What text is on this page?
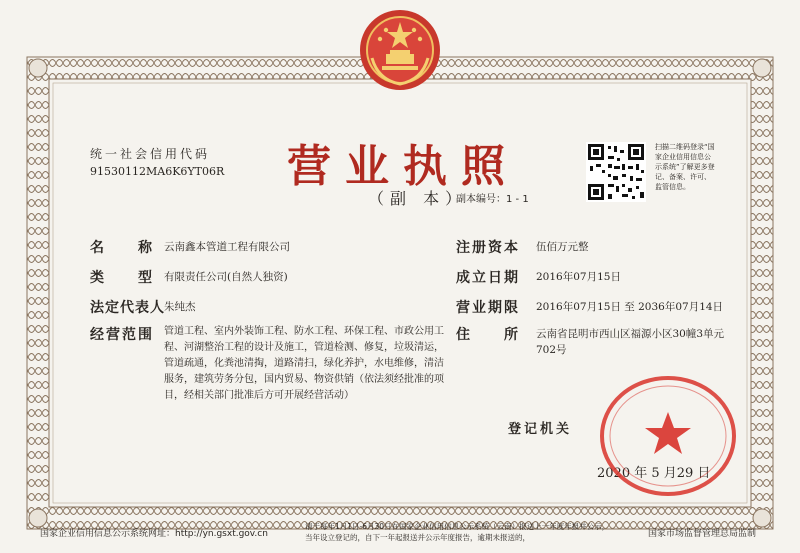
统一社会信用代码
91530112MA6K6YT06R 营业执照
（副 本）
副本编号：1 - 1
扫描二维码登录“国家企业信用信息公示系统”了解更多登记、备案、许可、监管信息。
名　　称 云南鑫本管道工程有限公司
类　　型 有限责任公司(自然人独资)
法定代表人 朱纯杰
经营范围 管道工程、室内外装饰工程、防水工程、环保工程、市政公用工程、河湖整治工程的设计及施工，管道检测、修复，垃圾清运，管道疏通，化粪池清掏，道路清扫，绿化养护，水电维修，清洁服务，建筑劳务分包，国内贸易、物资供销（依法须经批准的项目，经相关部门批准后方可开展经营活动）
注册资本 伍佰万元整
成立日期 2016年07月15日
营业期限 2016年07月15日 至 2036年07月14日
住　　所 云南省昆明市西山区福源小区30幢3单元702号
登记机关
2020 年 5 月29 日
国家企业信用信息公示系统网址：http://yn.gsxt.gov.cn
请于每年1月1日-6月30日在国家企业信用信息公示系统（云南）报送上一年度年报并公示，当年设立登记的，自下一年起报送并公示年度报告，逾期未报送的，	国家市场监督管理总局监制
